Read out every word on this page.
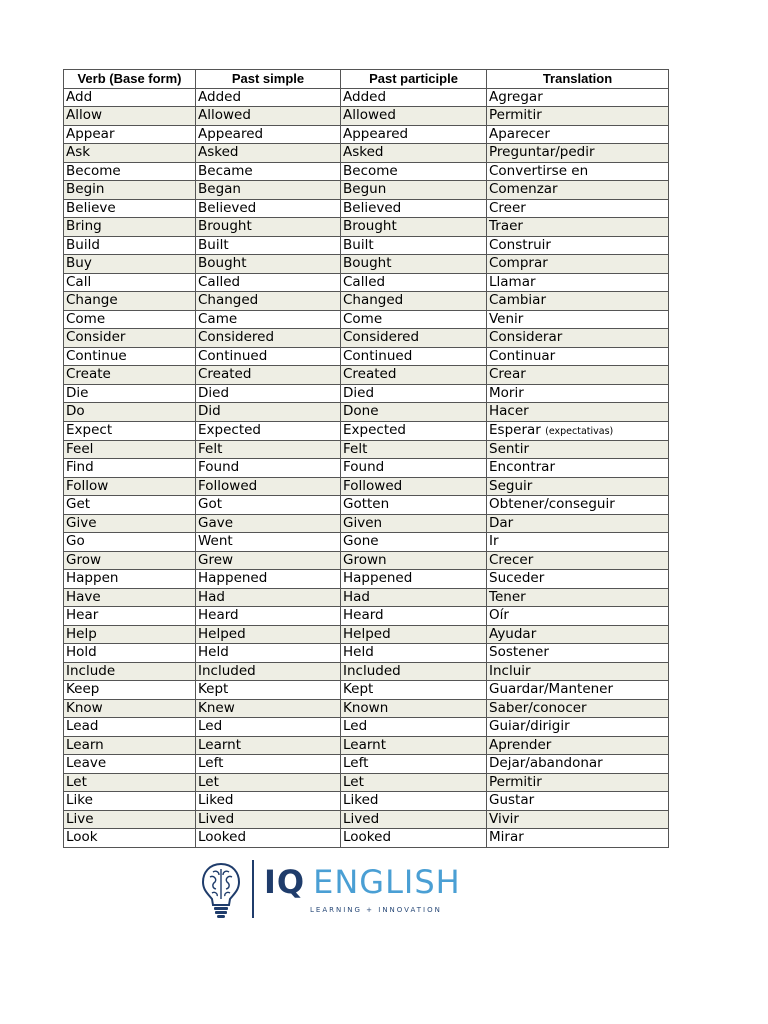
Verb (Base form)	Past simple	Past participle	Translation
Add	Added	Added	Agregar
Allow	Allowed	Allowed	Permitir
Appear	Appeared	Appeared	Aparecer
Ask	Asked	Asked	Preguntar/pedir
Become	Became	Become	Convertirse en
Begin	Began	Begun	Comenzar
Believe	Believed	Believed	Creer
Bring	Brought	Brought	Traer
Build	Built	Built	Construir
Buy	Bought	Bought	Comprar
Call	Called	Called	Llamar
Change	Changed	Changed	Cambiar
Come	Came	Come	Venir
Consider	Considered	Considered	Considerar
Continue	Continued	Continued	Continuar
Create	Created	Created	Crear
Die	Died	Died	Morir
Do	Did	Done	Hacer
Expect	Expected	Expected	Esperar (expectativas)
Feel	Felt	Felt	Sentir
Find	Found	Found	Encontrar
Follow	Followed	Followed	Seguir
Get	Got	Gotten	Obtener/conseguir
Give	Gave	Given	Dar
Go	Went	Gone	Ir
Grow	Grew	Grown	Crecer
Happen	Happened	Happened	Suceder
Have	Had	Had	Tener
Hear	Heard	Heard	Oír
Help	Helped	Helped	Ayudar
Hold	Held	Held	Sostener
Include	Included	Included	Incluir
Keep	Kept	Kept	Guardar/Mantener
Know	Knew	Known	Saber/conocer
Lead	Led	Led	Guiar/dirigir
Learn	Learnt	Learnt	Aprender
Leave	Left	Left	Dejar/abandonar
Let	Let	Let	Permitir
Like	Liked	Liked	Gustar
Live	Lived	Lived	Vivir
Look	Looked	Looked	Mirar
IQ ENGLISH
LEARNING + INNOVATION
